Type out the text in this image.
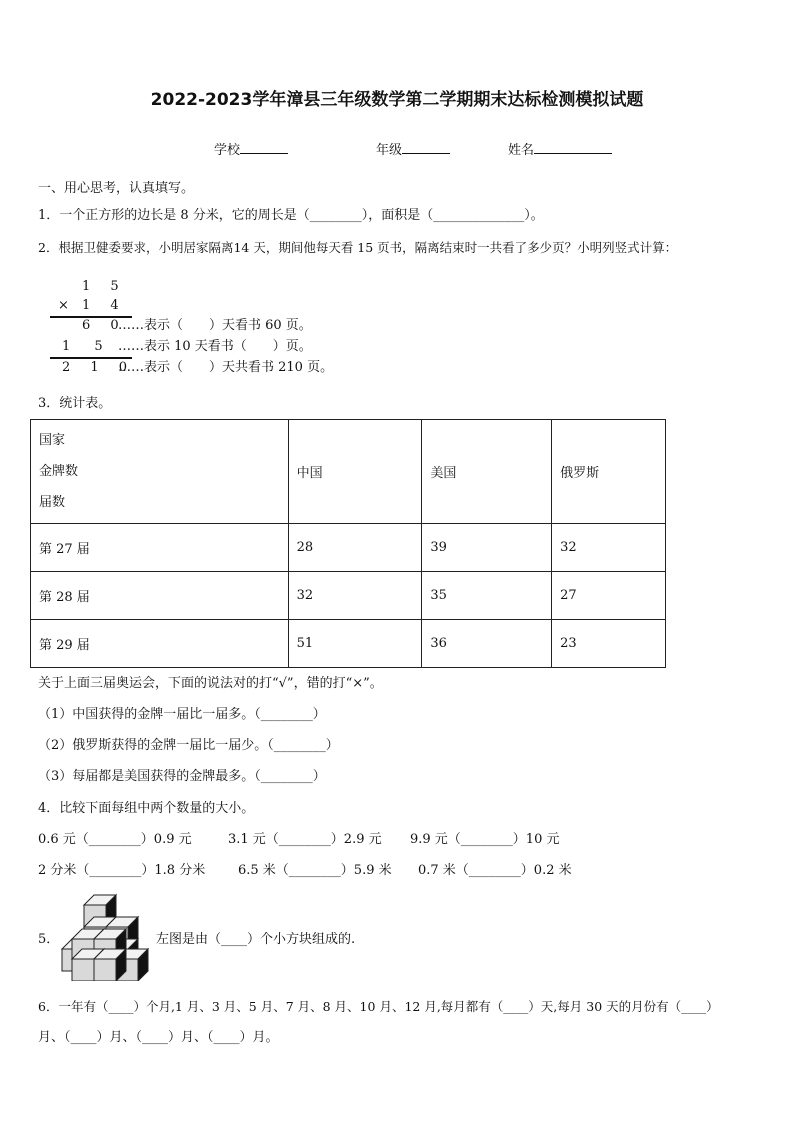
2022-2023学年漳县三年级数学第二学期期末达标检测模拟试题
学校	年级	姓名
一、用心思考，认真填写。
1．一个正方形的边长是 8 分米，它的周长是（________），面积是（______________）。
2．根据卫健委要求，小明居家隔离14 天，期间他每天看 15 页书，隔离结束时一共看了多少页？小明列竖式计算：
1 5
× 1 4
6 0
……表示（　　）天看书 60 页。
1 5 ……表示 10 天看书（　　）页。
2 1 0
……表示（　　）天共看书 210 页。
3．统计表。
国家
金牌数
届数	中国	美国	俄罗斯
第 27 届	28	39	32
第 28 届	32	35	27
第 29 届	51	36	23
关于上面三届奥运会，下面的说法对的打“√”，错的打“×”。
（1）中国获得的金牌一届比一届多。（________）
（2）俄罗斯获得的金牌一届比一届少。（________）
（3）每届都是美国获得的金牌最多。（________）
4．比较下面每组中两个数量的大小。
0.6 元（________）0.9 元	3.1 元（________）2.9 元 9.9 元（________）10 元
2 分米（________）1.8 分米	6.5 米（________）5.9 米 0.7 米（________）0.2 米
5．	左图是由（____）个小方块组成的.
6．一年有（____）个月,1 月、3 月、5 月、7 月、8 月、10 月、12 月,每月都有（____）天,每月 30 天的月份有（____）
月、（____）月、（____）月、（____）月。
